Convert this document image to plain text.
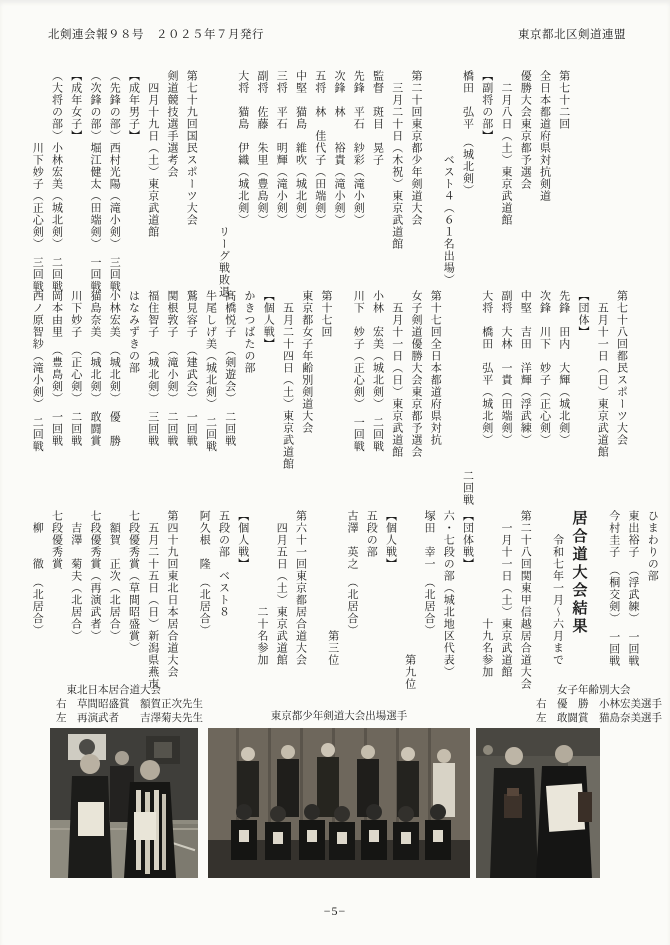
北剣連会報９８号　２０２５年７月発行	東京都北区剣道連盟

第七十二回

全日本都道府県対抗剣道

優勝大会東京都予選会

　二月八日（土）東京武道館

【副将の部】

橋田　弘平　（城北剣）

　　　　　　　ベスト４（６１名出場）

第二十回東京都少年剣道大会

　三月二十日（木祝）東京武道館

監督　斑目　晃子

先鋒　平石　紗彩（滝小剣）

次鋒　林　　裕貴（滝小剣）

五将　林　佳代子（田端剣）

中堅　猫島　維吹（城北剣）

三将　平石　明輝（滝小剣）

副将　佐藤　朱里（豊島剣）

大将　猫島　伊織（城北剣）

　　　　　　　　　　　　　リーグ戦敗退

第七十九回国民スポーツ大会

剣道競技選手選考会

　四月十九日（土）東京武道館

【成年男子】

（先鋒の部）西村光陽（滝小剣）　三回戦

（次鋒の部）堀江健太（田端剣）　一回戦

【成年女子】

（大将の部）小林宏美（城北剣）　二回戦

　　　　　　川下妙子（正心剣）　三回戦

第七十八回都民スポーツ大会

　五月十一日（日）東京武道館

【団体】

先鋒　田内　大輝（城北剣）

次鋒　川下　妙子（正心剣）

中堅　吉田　洋輝（浮武練）

副将　大林　一貴（田端剣）

大将　橋田　弘平（城北剣）

　　　　　　　　　　　　　　　二回戦

第十七回全日本都道府県対抗

女子剣道優勝大会東京都予選会

　五月十一日（日）東京武道館

小林　宏美（城北剣）　二回戦

川下　妙子（正心剣）　一回戦

第十七回

東京都女子年齢別剣道大会

　五月二十四日（土）東京武道館

【個人戦】

かきつばたの部

髙橋悦子　（剣遊会）　二回戦

牛尾しげ美（城北剣）　二回戦

鷲見容子　（建武会）　一回戦

関根敦子　（滝小剣）　二回戦

福住智子　（城北剣）　三回戦

はなみずきの部

小林宏美　（城北剣）　優　勝

猫島奈美　（城北剣）　敢闘賞

川下妙子　（正心剣）　二回戦

岡本由里　（豊島剣）　一回戦

西ノ原智紗（滝小剣）　二回戦

ひまわりの部

東出裕子　（浮武練）　一回戦

今村圭子　（桐交剣）　一回戦

居合道大会結果

　　令和七年一月～六月まで

第二十八回関東甲信越居合道大会

　一月十一日（土）東京武道館

　　　　　　　　　十九名参加

【団体戦】

六・七段の部（城北地区代表）

塚田　幸一　（北居合）

　　　　　　　　　　　　第九位

【個人戦】

五段の部

古澤　英之　（北居合）

　　　　　　　　　　第三位

第六十一回東京都居合道大会

　四月五日（土）東京武道館

　　　　　　　　二十名参加

【個人戦】

五段の部　ベスト８

阿久根　隆　（北居合）

第四十九回東北日本居合道大会

　五月二十五日（日）新潟県燕市

七段優秀賞（草間昭盛賞）

　額賀　正次（北居合）

七段優秀賞（再演武者）

　吉澤　菊夫（北居合）

七段優秀賞

　柳　　徹　（北居合）

　東北日本居合道大会

右　草間昭盛賞　額賀正次先生

左　再演武者　　吉澤菊夫先生	東京都少年剣道大会出場選手

　　女子年齢別大会

右　優　勝　小林宏美選手

左　敢闘賞　猫島奈美選手

−5−
